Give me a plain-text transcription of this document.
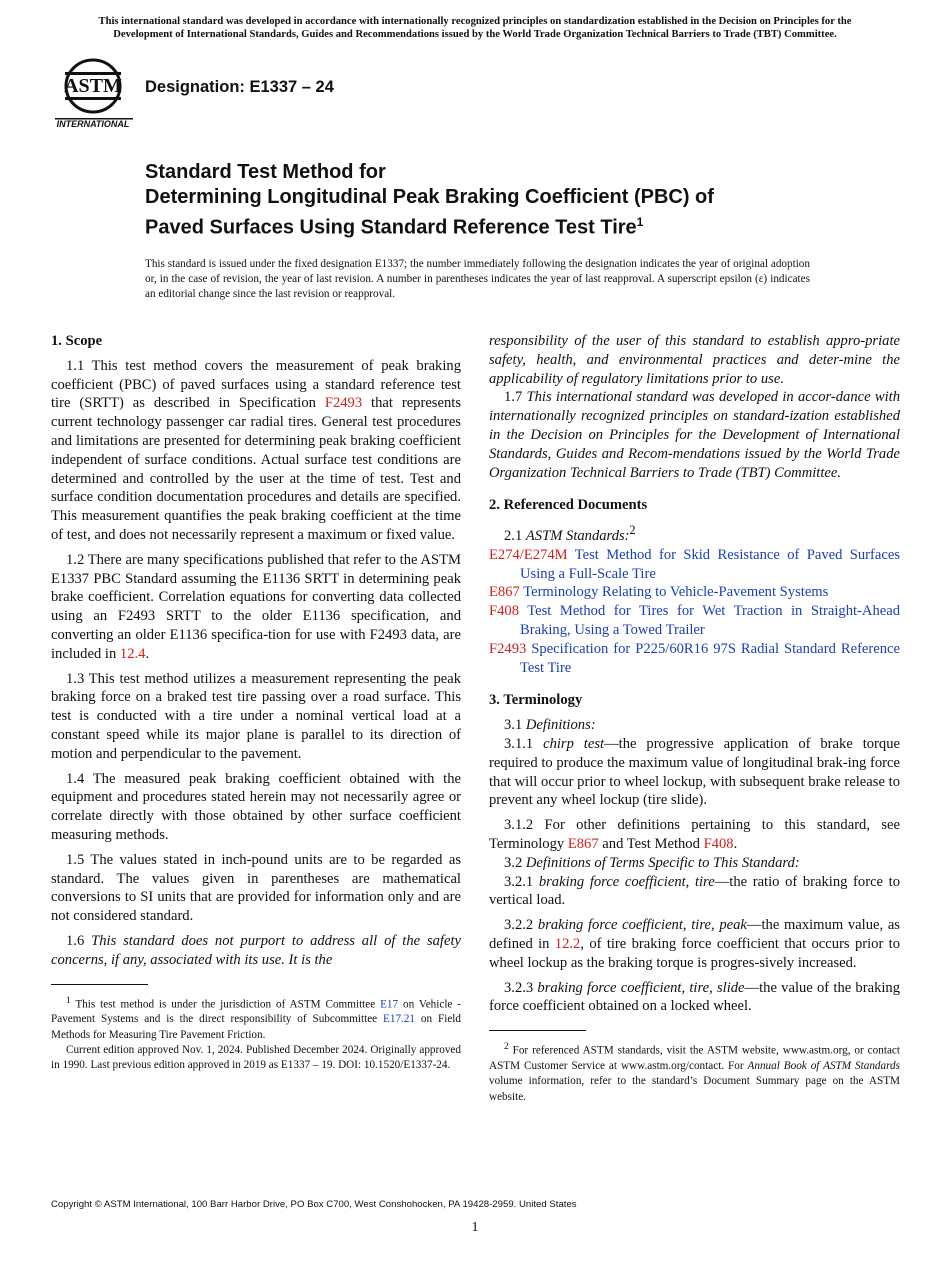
This international standard was developed in accordance with internationally recognized principles on standardization established in the Decision on Principles for the
Development of International Standards, Guides and Recommendations issued by the World Trade Organization Technical Barriers to Trade (TBT) Committee.
ASTM
INTERNATIONAL
Designation: E1337 – 24
Standard Test Method for
Determining Longitudinal Peak Braking Coefficient (PBC) of
Paved Surfaces Using Standard Reference Test Tire$^1$
This standard is issued under the fixed designation E1337; the number immediately following the designation indicates the year of original adoption or, in the case of revision, the year of last revision. A number in parentheses indicates the year of last reapproval. A superscript epsilon (ε) indicates an editorial change since the last revision or reapproval.
1. Scope

1.1 This test method covers the measurement of peak braking coefficient (PBC) of paved surfaces using a standard reference test tire (SRTT) as described in Specification F2493 that represents current technology passenger car radial tires. General test procedures and limitations are presented for determining peak braking coefficient independent of surface conditions. Actual surface test conditions are determined and controlled by the user at the time of test. Test and surface condition documentation procedures and details are specified. This measurement quantifies the peak braking coefficient at the time of test, and does not necessarily represent a maximum or fixed value.

1.2 There are many specifications published that refer to the ASTM E1337 PBC Standard assuming the E1136 SRTT in determining peak brake coefficient. Correlation equations for converting data collected using an F2493 SRTT to the older E1136 specification, and converting an older E1136 specifica-tion for use with F2493 data, are included in 12.4.

1.3 This test method utilizes a measurement representing the peak braking force on a braked test tire passing over a road surface. This test is conducted with a tire under a nominal vertical load at a constant speed while its major plane is parallel to its direction of motion and perpendicular to the pavement.

1.4 The measured peak braking coefficient obtained with the equipment and procedures stated herein may not necessarily agree or correlate directly with those obtained by other surface coefficient measuring methods.

1.5 The values stated in inch-pound units are to be regarded as standard. The values given in parentheses are mathematical conversions to SI units that are provided for information only and are not considered standard.

1.6 This standard does not purport to address all of the safety concerns, if any, associated with its use. It is the

$^1$ This test method is under the jurisdiction of ASTM Committee E17 on Vehicle - Pavement Systems and is the direct responsibility of Subcommittee E17.21 on Field Methods for Measuring Tire Pavement Friction.

Current edition approved Nov. 1, 2024. Published December 2024. Originally approved in 1990. Last previous edition approved in 2019 as E1337 – 19. DOI: 10.1520/E1337-24.

responsibility of the user of this standard to establish appro-priate safety, health, and environmental practices and deter-mine the applicability of regulatory limitations prior to use.

1.7 This international standard was developed in accor-dance with internationally recognized principles on standard-ization established in the Decision on Principles for the Development of International Standards, Guides and Recom-mendations issued by the World Trade Organization Technical Barriers to Trade (TBT) Committee.

2. Referenced Documents

2.1 ASTM Standards:$^2$

E274/E274M Test Method for Skid Resistance of Paved Surfaces Using a Full-Scale Tire

E867 Terminology Relating to Vehicle-Pavement Systems

F408 Test Method for Tires for Wet Traction in Straight-Ahead Braking, Using a Towed Trailer

F2493 Specification for P225/60R16 97S Radial Standard Reference Test Tire

3. Terminology

3.1 Definitions:

3.1.1 chirp test—the progressive application of brake torque required to produce the maximum value of longitudinal brak-ing force that will occur prior to wheel lockup, with subsequent brake release to prevent any wheel lockup (tire slide).

3.1.2 For other definitions pertaining to this standard, see Terminology E867 and Test Method F408.

3.2 Definitions of Terms Specific to This Standard:

3.2.1 braking force coefficient, tire—the ratio of braking force to vertical load.

3.2.2 braking force coefficient, tire, peak—the maximum value, as defined in 12.2, of tire braking force coefficient that occurs prior to wheel lockup as the braking torque is progres-sively increased.

3.2.3 braking force coefficient, tire, slide—the value of the braking force coefficient obtained on a locked wheel.

$^2$ For referenced ASTM standards, visit the ASTM website, www.astm.org, or contact ASTM Customer Service at www.astm.org/contact. For Annual Book of ASTM Standards volume information, refer to the standard’s Document Summary page on the ASTM website.

Copyright © ASTM International, 100 Barr Harbor Drive, PO Box C700, West Conshohocken, PA 19428-2959. United States
1
